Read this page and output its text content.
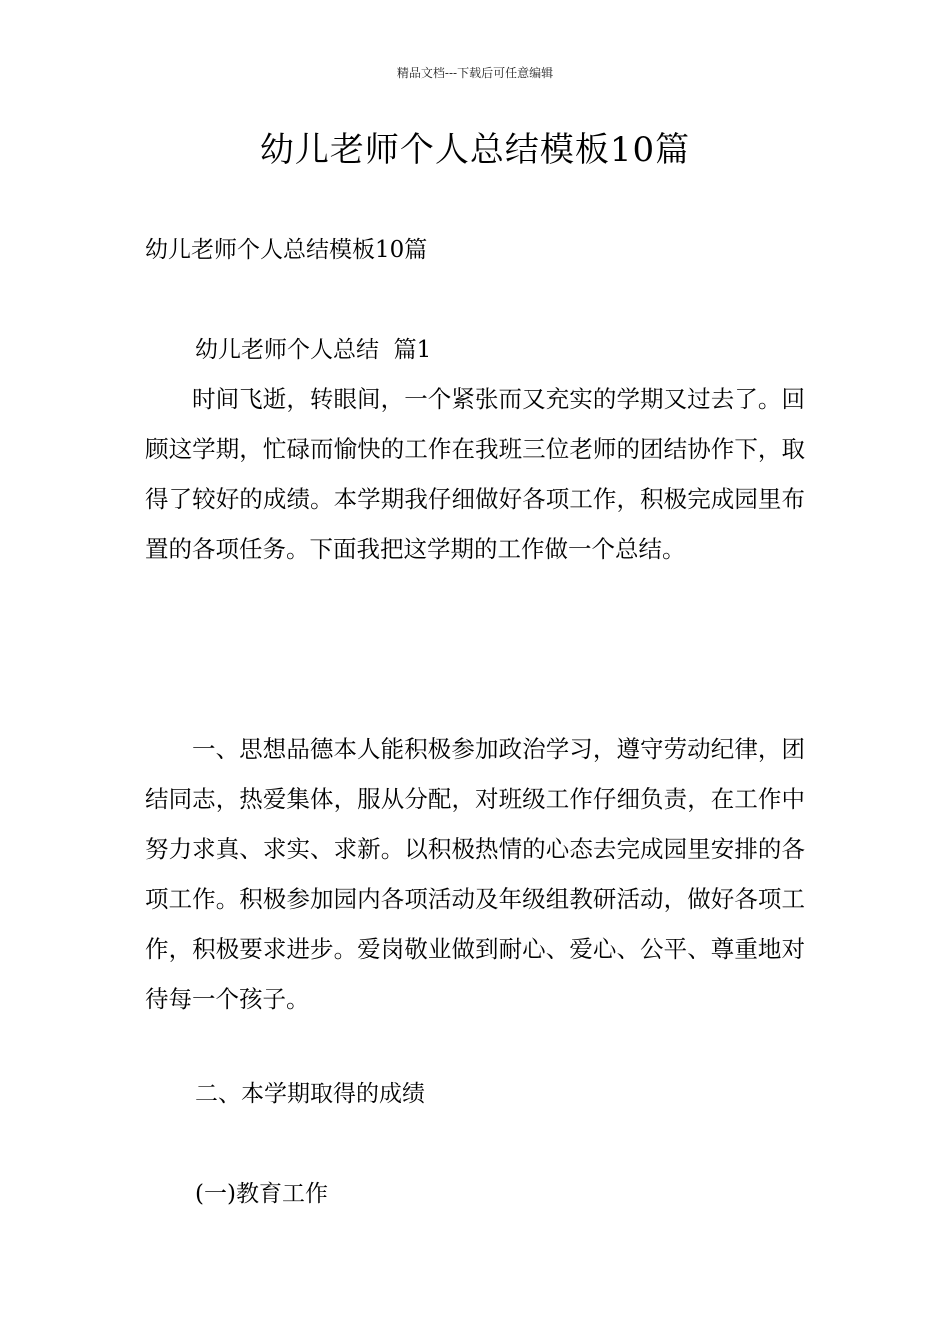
精品文档---下载后可任意编辑
幼儿老师个人总结模板10篇
幼儿老师个人总结模板10篇
幼儿老师个人总结  篇1

时间飞逝，转眼间，一个紧张而又充实的学期又过去了。回顾这学期，忙碌而愉快的工作在我班三位老师的团结协作下，取得了较好的成绩。本学期我仔细做好各项工作，积极完成园里布置的各项任务。下面我把这学期的工作做一个总结。

一、思想品德本人能积极参加政治学习，遵守劳动纪律，团结同志，热爱集体，服从分配，对班级工作仔细负责，在工作中努力求真、求实、求新。以积极热情的心态去完成园里安排的各项工作。积极参加园内各项活动及年级组教研活动，做好各项工作，积极要求进步。爱岗敬业做到耐心、爱心、公平、尊重地对待每一个孩子。

二、本学期取得的成绩
(一)教育工作
